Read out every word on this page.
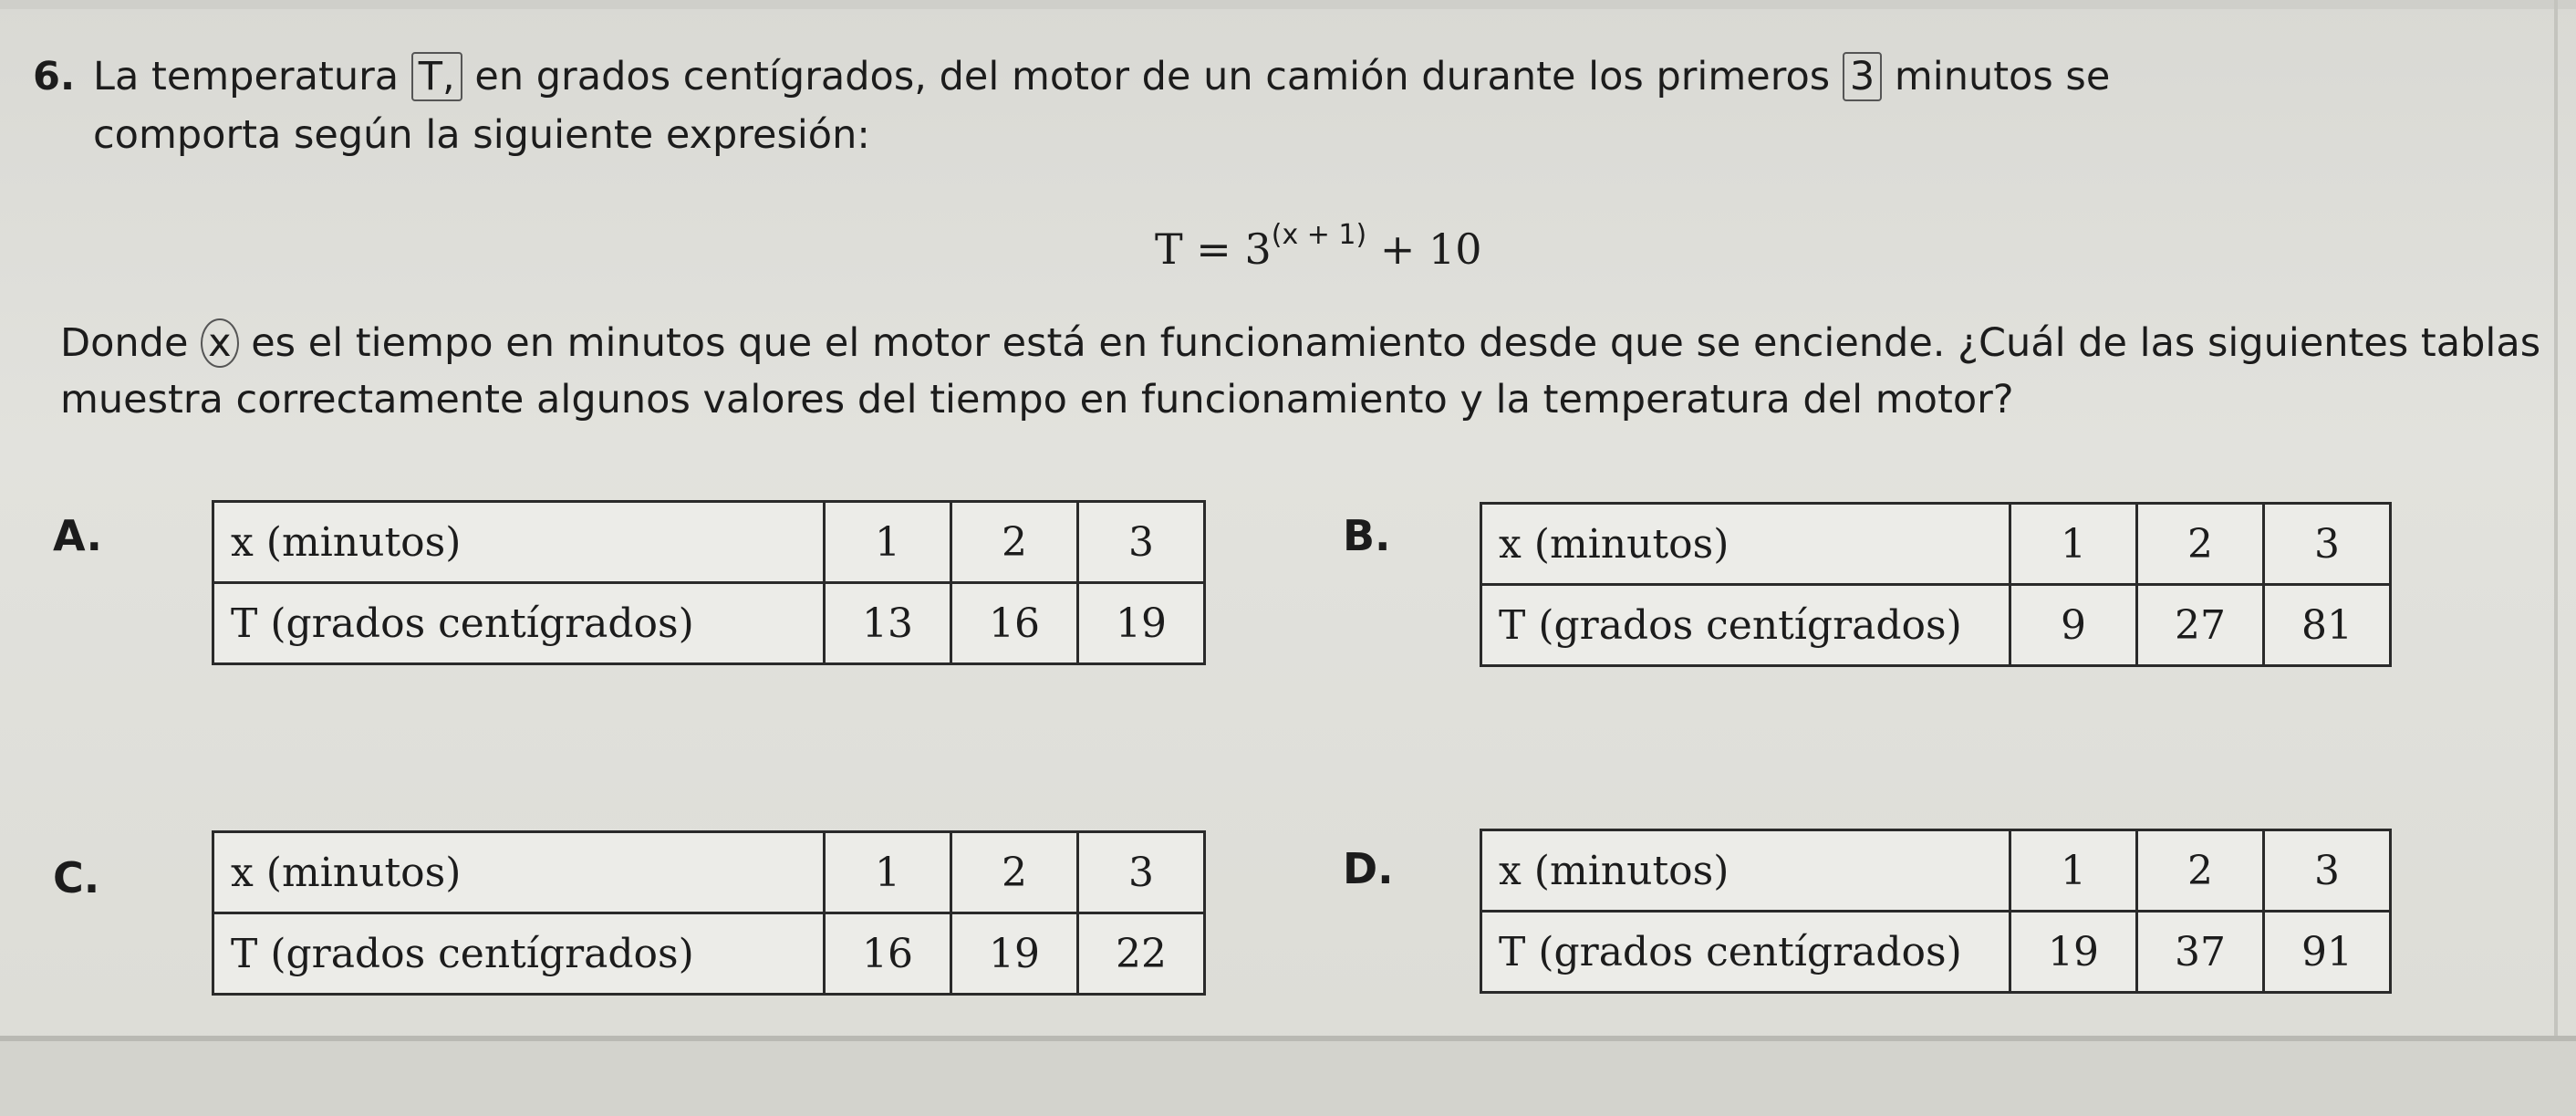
6. La temperatura T, en grados centígrados, del motor de un camión durante los primeros 3 minutos se
comporta según la siguiente expresión:
$T = 3^{(x + 1)} + 10$
Donde x es el tiempo en minutos que el motor está en funcionamiento desde que se enciende. ¿Cuál de las siguientes tablas muestra correctamente algunos valores del tiempo en funcionamiento y la temperatura del motor?
A.	x (minutos)	1	2	3
T (grados centígrados)	13	16	19
B.	x (minutos)	1	2	3
T (grados centígrados)	9	27	81
C.	x (minutos)	1	2	3
T (grados centígrados)	16	19	22
D.	x (minutos)	1	2	3
T (grados centígrados)	19	37	91
